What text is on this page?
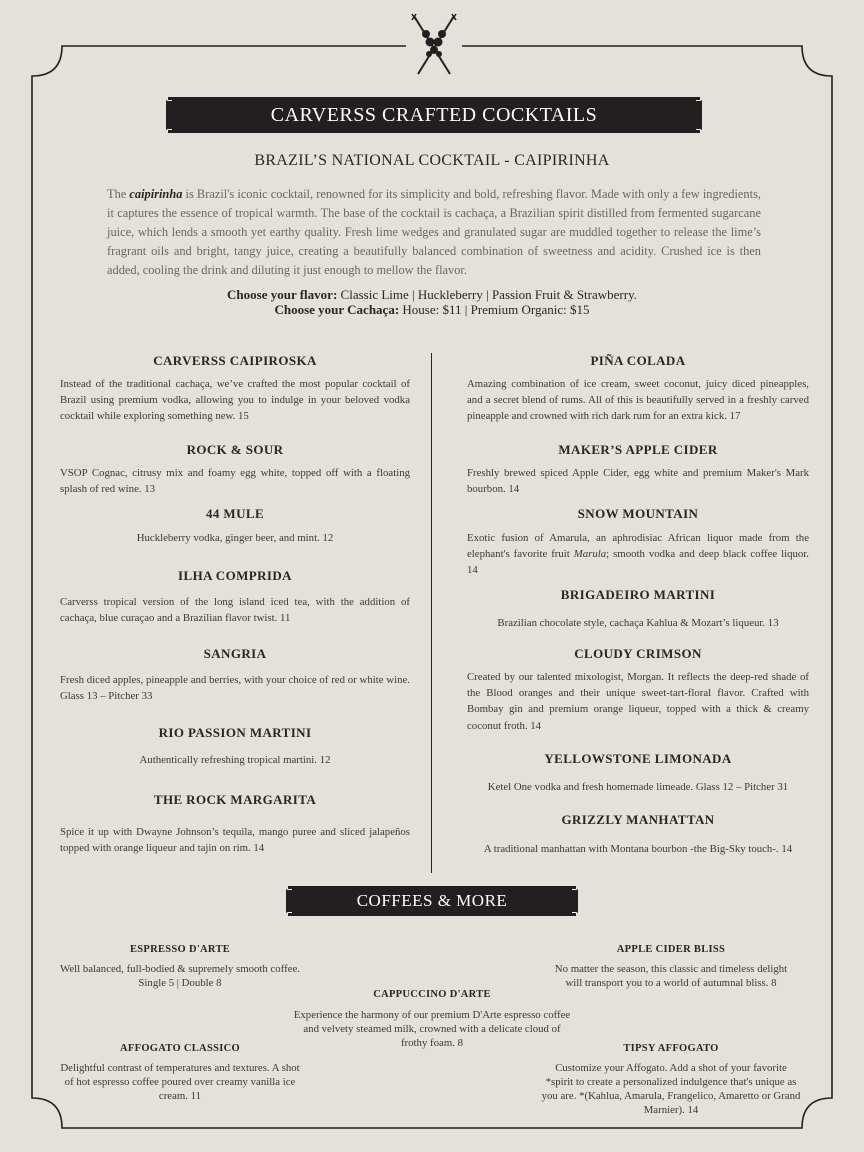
CARVERSS CRAFTED COCKTAILS
BRAZIL’S NATIONAL COCKTAIL - CAIPIRINHA
The caipirinha is Brazil's iconic cocktail, renowned for its simplicity and bold, refreshing flavor. Made with only a few ingredients, it captures the essence of tropical warmth. The base of the cocktail is cachaça, a Brazilian spirit distilled from fermented sugarcane juice, which lends a smooth yet earthy quality. Fresh lime wedges and granulated sugar are muddled together to release the lime’s fragrant oils and bright, tangy juice, creating a beautifully balanced combination of sweetness and acidity. Crushed ice is then added, cooling the drink and diluting it just enough to mellow the flavor.
Choose your flavor: Classic Lime | Huckleberry | Passion Fruit & Strawberry.
Choose your Cachaça: House: $11 | Premium Organic: $15
CARVERSS CAIPIROSKA
Instead of the traditional cachaça, we’ve crafted the most popular cocktail of Brazil using premium vodka, allowing you to indulge in your beloved vodka cocktail while exploring something new. 15
ROCK & SOUR
VSOP Cognac, citrusy mix and foamy egg white, topped off with a floating splash of red wine. 13
44 MULE
Huckleberry vodka, ginger beer, and mint. 12
ILHA COMPRIDA
Carverss tropical version of the long island iced tea, with the addition of cachaça, blue curaçao and a Brazilian flavor twist. 11
SANGRIA
Fresh diced apples, pineapple and berries, with your choice of red or white wine. Glass 13 – Pitcher 33
RIO PASSION MARTINI
Authentically refreshing tropical martini. 12
THE ROCK MARGARITA
Spice it up with Dwayne Johnson’s tequila, mango puree and sliced jalapeños topped with orange liqueur and tajin on rim. 14
PIÑA COLADA
Amazing combination of ice cream, sweet coconut, juicy diced pineapples, and a secret blend of rums. All of this is beautifully served in a freshly carved pineapple and crowned with rich dark rum for an extra kick. 17
MAKER’S APPLE CIDER
Freshly brewed spiced Apple Cider, egg white and premium Maker's Mark bourbon. 14
SNOW MOUNTAIN
Exotic fusion of Amarula, an aphrodisiac African liquor made from the elephant's favorite fruit Marula; smooth vodka and deep black coffee liquor. 14
BRIGADEIRO MARTINI
Brazilian chocolate style, cachaça Kahlua & Mozart’s liqueur. 13
CLOUDY CRIMSON
Created by our talented mixologist, Morgan. It reflects the deep-red shade of the Blood oranges and their unique sweet-tart-floral flavor. Crafted with Bombay gin and premium orange liqueur, topped with a thick & creamy coconut froth. 14
YELLOWSTONE LIMONADA
Ketel One vodka and fresh homemade limeade. Glass 12 – Pitcher 31
GRIZZLY MANHATTAN
A traditional manhattan with Montana bourbon -the Big-Sky touch-. 14
COFFEES & MORE
ESPRESSO D'ARTE
Well balanced, full-bodied & supremely smooth coffee. Single 5 | Double 8
APPLE CIDER BLISS
No matter the season, this classic and timeless delight will transport you to a world of autumnal bliss. 8
CAPPUCCINO D'ARTE
Experience the harmony of our premium D'Arte espresso coffee and velvety steamed milk, crowned with a delicate cloud of frothy foam. 8
AFFOGATO CLASSICO
Delightful contrast of temperatures and textures. A shot of hot espresso coffee poured over creamy vanilla ice cream. 11
TIPSY AFFOGATO
Customize your Affogato. Add a shot of your favorite *spirit to create a personalized indulgence that's unique as you are. *(Kahlua, Amarula, Frangelico, Amaretto or Grand Marnier). 14
